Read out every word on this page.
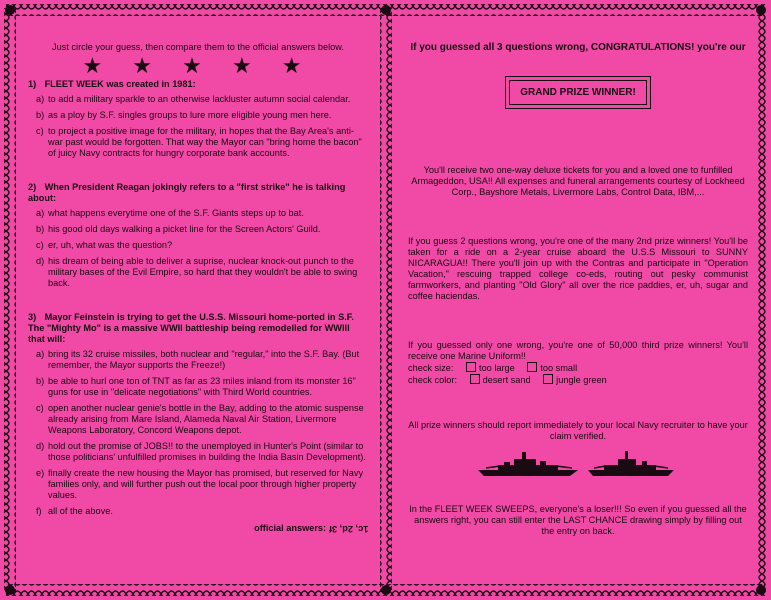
Just circle your guess, then compare them to the official answers below.

★ ★ ★ ★ ★
1) FLEET WEEK was created in 1981:
a) to add a military sparkle to an otherwise lackluster autumn social calendar.
b) as a ploy by S.F. singles groups to lure more eligible young men here.
c) to project a positive image for the military, in hopes that the Bay Area's anti-war past would be forgotten. That way the Mayor can "bring home the bacon" of juicy Navy contracts for hungry corporate bank accounts.
2) When President Reagan jokingly refers to a "first strike" he is talking about:
a) what happens everytime one of the S.F. Giants steps up to bat.
b) his good old days walking a picket line for the Screen Actors' Guild.
c) er, uh, what was the question?
d) his dream of being able to deliver a suprise, nuclear knock-out punch to the military bases of the Evil Empire, so hard that they wouldn't be able to swing back.
3) Mayor Feinstein is trying to get the U.S.S. Missouri home-ported in S.F. The "Mighty Mo" is a massive WWII battleship being remodelled for WWIII that will:
a) bring its 32 cruise missiles, both nuclear and "regular," into the S.F. Bay. (But remember, the Mayor supports the Freeze!)
b) be able to hurl one ton of TNT as far as 23 miles inland from its monster 16" guns for use in "delicate negotiations" with Third World countries.
c) open another nuclear genie's bottle in the Bay, adding to the atomic suspense already arising from Mare Island, Alameda Naval Air Station, Livermore Weapons Laboratory, Concord Weapons depot.
d) hold out the promise of JOBS!! to the unemployed in Hunter's Point (similar to those politicians' unfulfilled promises in building the India Basin Development).
e) finally create the new housing the Mayor has promised, but reserved for Navy families only, and will further push out the local poor through higher property values.
f) all of the above.
official answers: 1c, 2d, 3f

If you guessed all 3 questions wrong, CONGRATULATIONS! you're our

GRAND PRIZE WINNER!

You'll receive two one-way deluxe tickets for you and a loved one to funfilled Armageddon, USA!! All expenses and funeral arrangements courtesy of Lockheed Corp., Bayshore Metals, Livermore Labs, Control Data, IBM,...

If you guess 2 questions wrong, you're one of the many 2nd prize winners! You'll be taken for a ride on a 2-year cruise aboard the U.S.S Missouri to SUNNY NICARAGUA!! There you'll join up with the Contras and participate in "Operation Vacation," rescuing trapped college co-eds, routing out pesky communist farmworkers, and planting "Old Glory" all over the rice paddies, er, uh, sugar and coffee haciendas.

If you guessed only one wrong, you're one of 50,000 third prize winners! You'll receive one Marine Uniform!!

check size:	too large	too small

check color:	desert sand	jungle green

All prize winners should report immediately to your local Navy recruiter to have your claim verified.

In the FLEET WEEK SWEEPS, everyone's a loser!!! So even if you guessed all the answers right, you can still enter the LAST CHANCE drawing simply by filling out the entry on back.
